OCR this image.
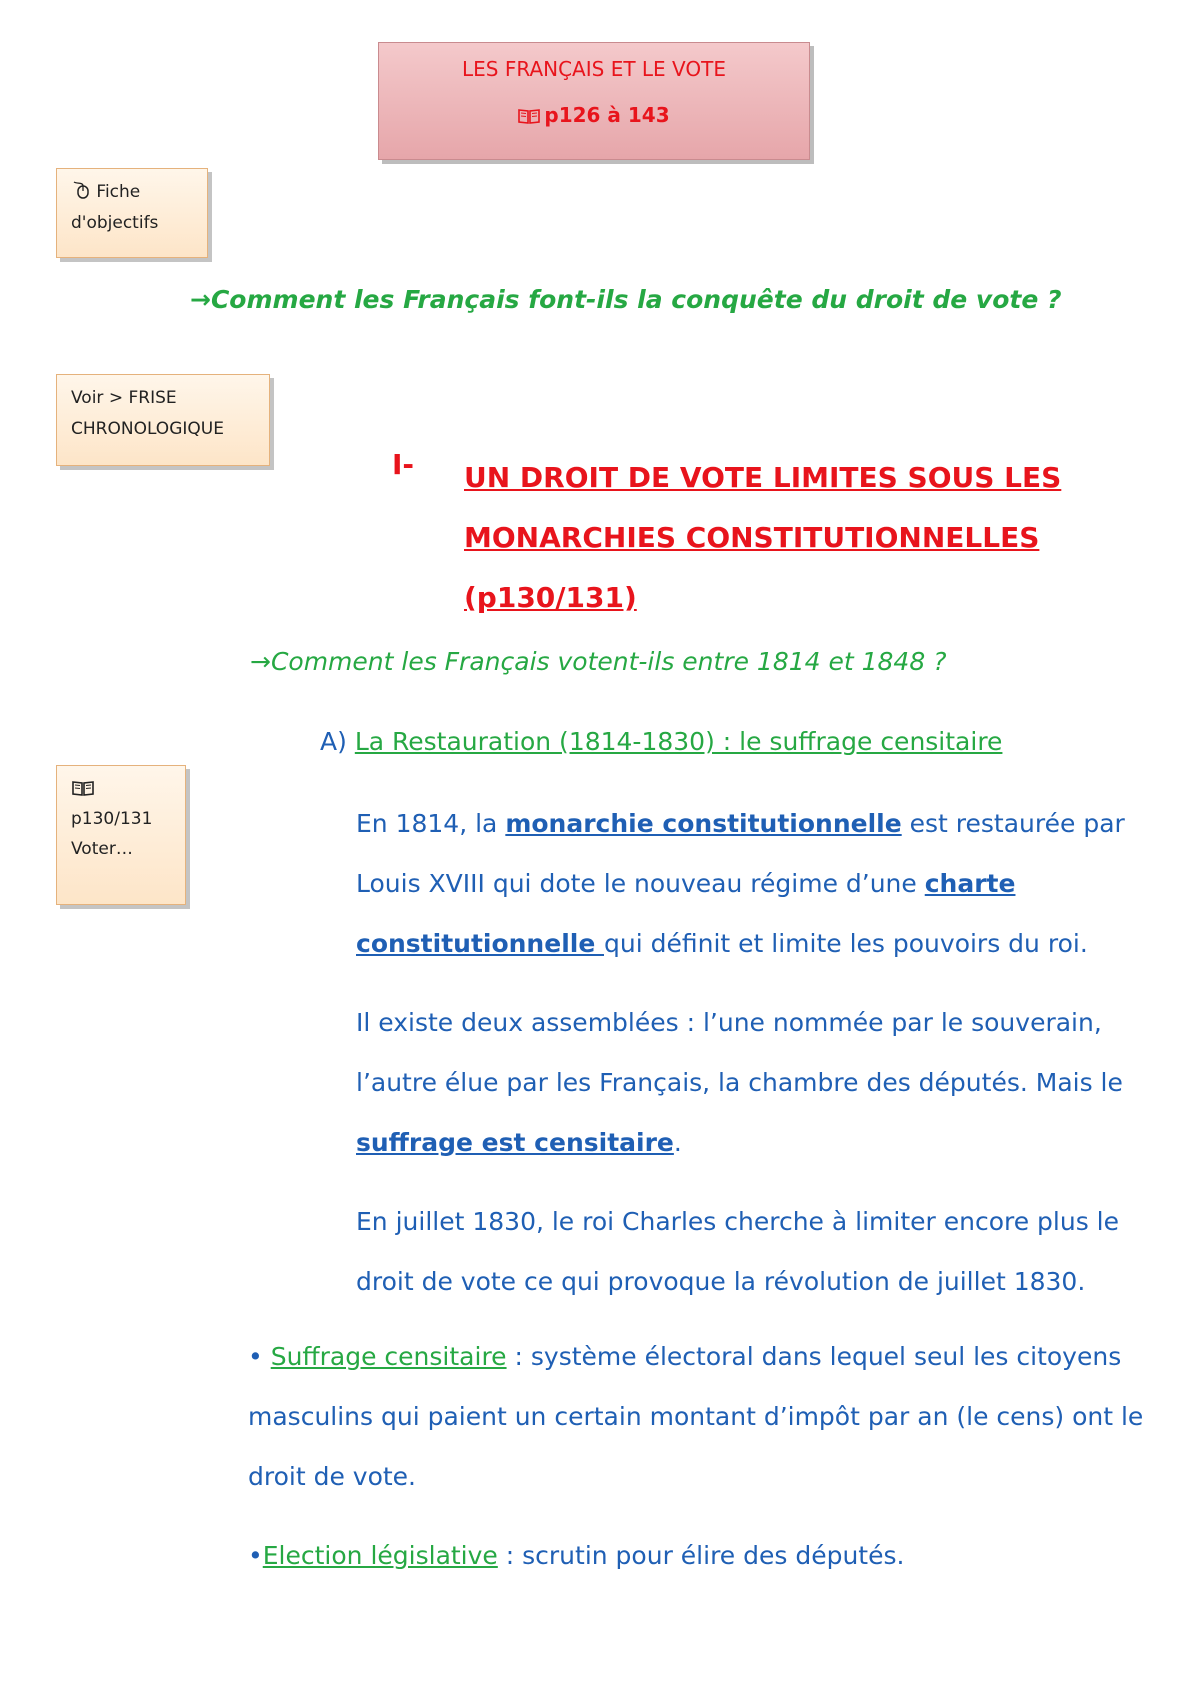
LES FRANÇAIS ET LE VOTE
p126 à 143
Fiche
d'objectifs
→Comment les Français font-ils la conquête du droit de vote ?
Voir > FRISE
CHRONOLOGIQUE
I- UN DROIT DE VOTE LIMITES SOUS LES
MONARCHIES CONSTITUTIONNELLES
(p130/131)
→Comment les Français votent-ils entre 1814 et 1848 ?
A) La Restauration (1814-1830) : le suffrage censitaire
p130/131
Voter…
En 1814, la monarchie constitutionnelle est restaurée par Louis XVIII qui dote le nouveau régime d’une charte constitutionnelle qui définit et limite les pouvoirs du roi.
Il existe deux assemblées : l’une nommée par le souverain, l’autre élue par les Français, la chambre des députés. Mais le suffrage est censitaire.
En juillet 1830, le roi Charles cherche à limiter encore plus le droit de vote ce qui provoque la révolution de juillet 1830.
• Suffrage censitaire : système électoral dans lequel seul les citoyens masculins qui paient un certain montant d’impôt par an (le cens) ont le droit de vote.
•Election législative : scrutin pour élire des députés.
